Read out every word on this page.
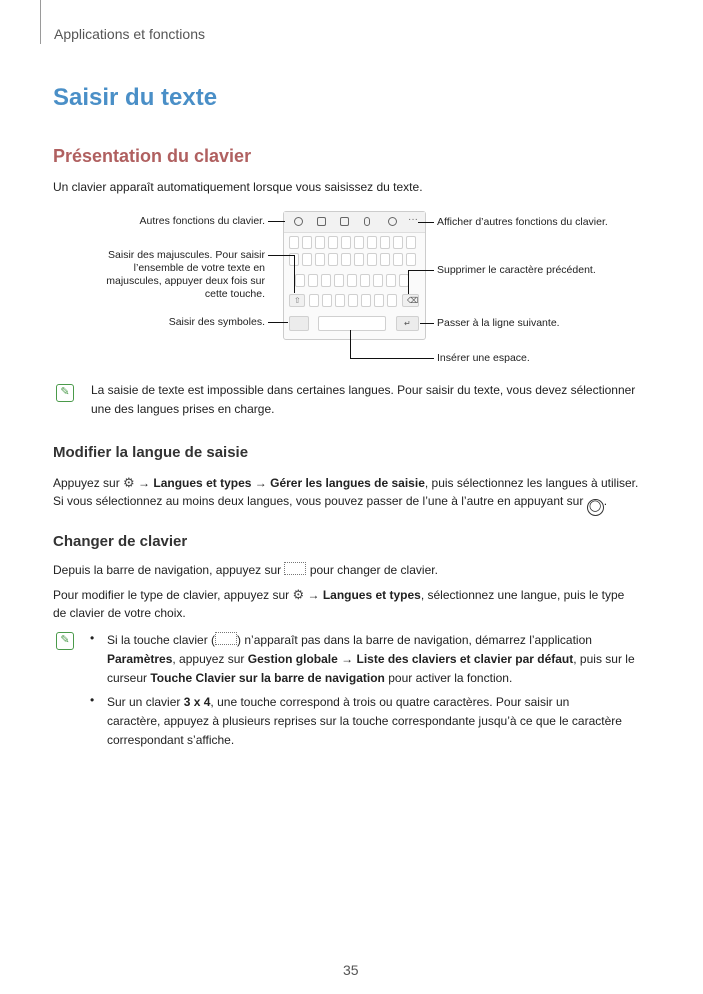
Applications et fonctions
Saisir du texte
Présentation du clavier
Un clavier apparaît automatiquement lorsque vous saisissez du texte.
···
⇧	⌫
↵
Autres fonctions du clavier.
Saisir des majuscules. Pour saisir
l’ensemble de votre texte en
majuscules, appuyer deux fois sur
cette touche.
Saisir des symboles.
Afficher d’autres fonctions du clavier.
Supprimer le caractère précédent.
Passer à la ligne suivante.
Insérer une espace.
✎	La saisie de texte est impossible dans certaines langues. Pour saisir du texte, vous devez sélectionner
une des langues prises en charge.
Modifier la langue de saisie
Appuyez sur ⚙ → Langues et types → Gérer les langues de saisie, puis sélectionnez les langues à utiliser.
Si vous sélectionnez au moins deux langues, vous pouvez passer de l’une à l’autre en appuyant sur ◯ .
Changer de clavier
Depuis la barre de navigation, appuyez sur pour changer de clavier.
Pour modifier le type de clavier, appuyez sur ⚙ → Langues et types, sélectionnez une langue, puis le type
de clavier de votre choix.
✎	• Si la touche clavier ( ) n’apparaît pas dans la barre de navigation, démarrez l’application
Paramètres, appuyez sur Gestion globale → Liste des claviers et clavier par défaut, puis sur le
curseur Touche Clavier sur la barre de navigation pour activer la fonction.
• Sur un clavier 3 x 4, une touche correspond à trois ou quatre caractères. Pour saisir un
caractère, appuyez à plusieurs reprises sur la touche correspondante jusqu’à ce que le caractère
correspondant s’affiche.
35
